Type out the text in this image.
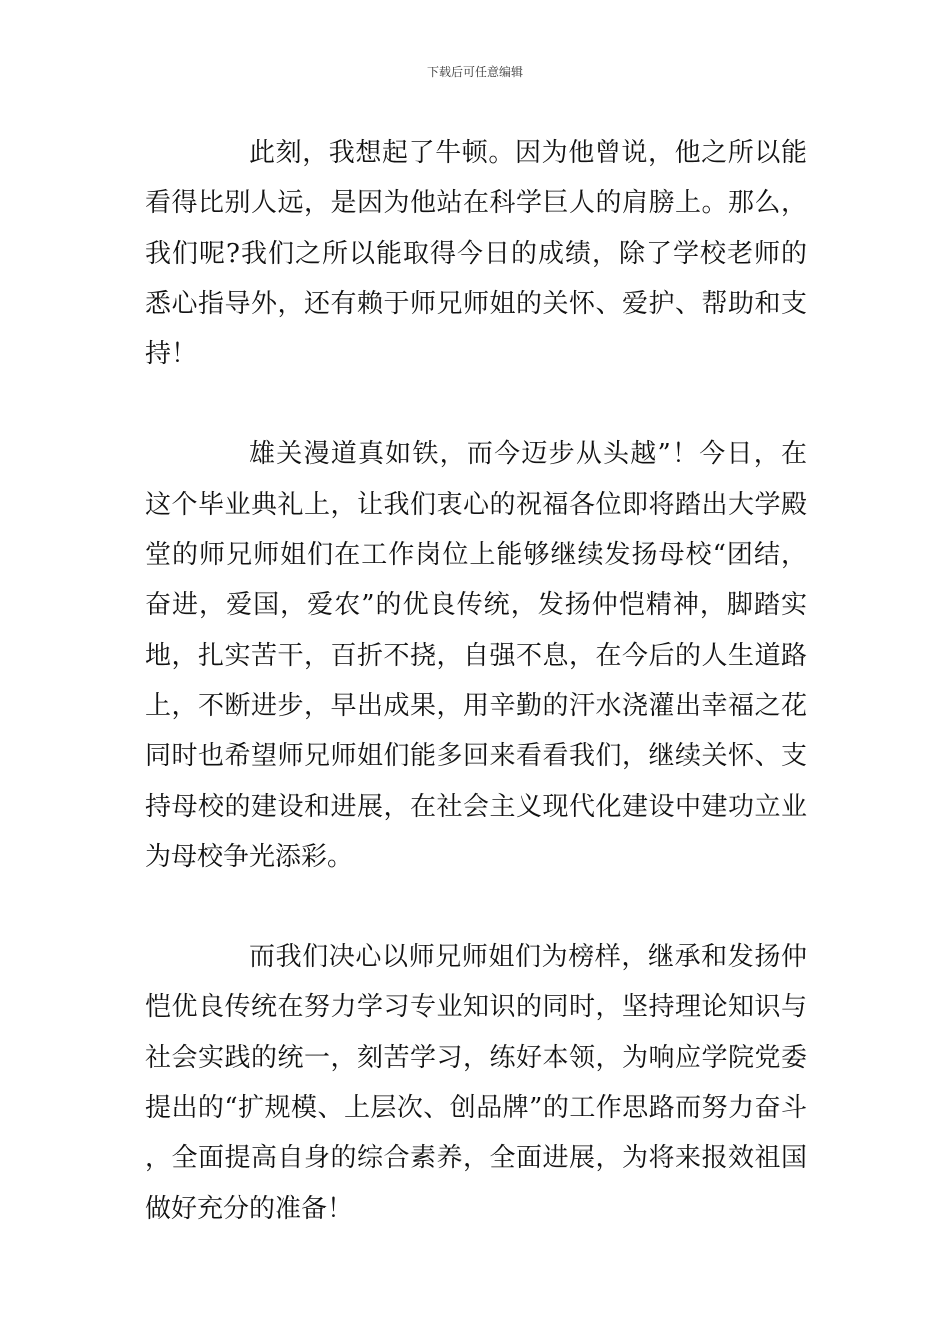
下载后可任意编辑

此刻，我想起了牛顿。因为他曾说，他之所以能看得比别人远，是因为他站在科学巨人的肩膀上。那么，我们呢?我们之所以能取得今日的成绩，除了学校老师的悉心指导外，还有赖于师兄师姐的关怀、爱护、帮助和支持！

雄关漫道真如铁，而今迈步从头越”！今日，在这个毕业典礼上，让我们衷心的祝福各位即将踏出大学殿堂的师兄师姐们在工作岗位上能够继续发扬母校“团结，奋进，爱国，爱农”的优良传统，发扬仲恺精神，脚踏实地，扎实苦干，百折不挠，自强不息，在今后的人生道路上，不断进步，早出成果，用辛勤的汗水浇灌出幸福之花同时也希望师兄师姐们能多回来看看我们，继续关怀、支持母校的建设和进展，在社会主义现代化建设中建功立业为母校争光添彩。

而我们决心以师兄师姐们为榜样，继承和发扬仲恺优良传统在努力学习专业知识的同时，坚持理论知识与社会实践的统一，刻苦学习，练好本领，为响应学院党委提出的“扩规模、上层次、创品牌”的工作思路而努力奋斗，全面提高自身的综合素养，全面进展，为将来报效祖国做好充分的准备！
